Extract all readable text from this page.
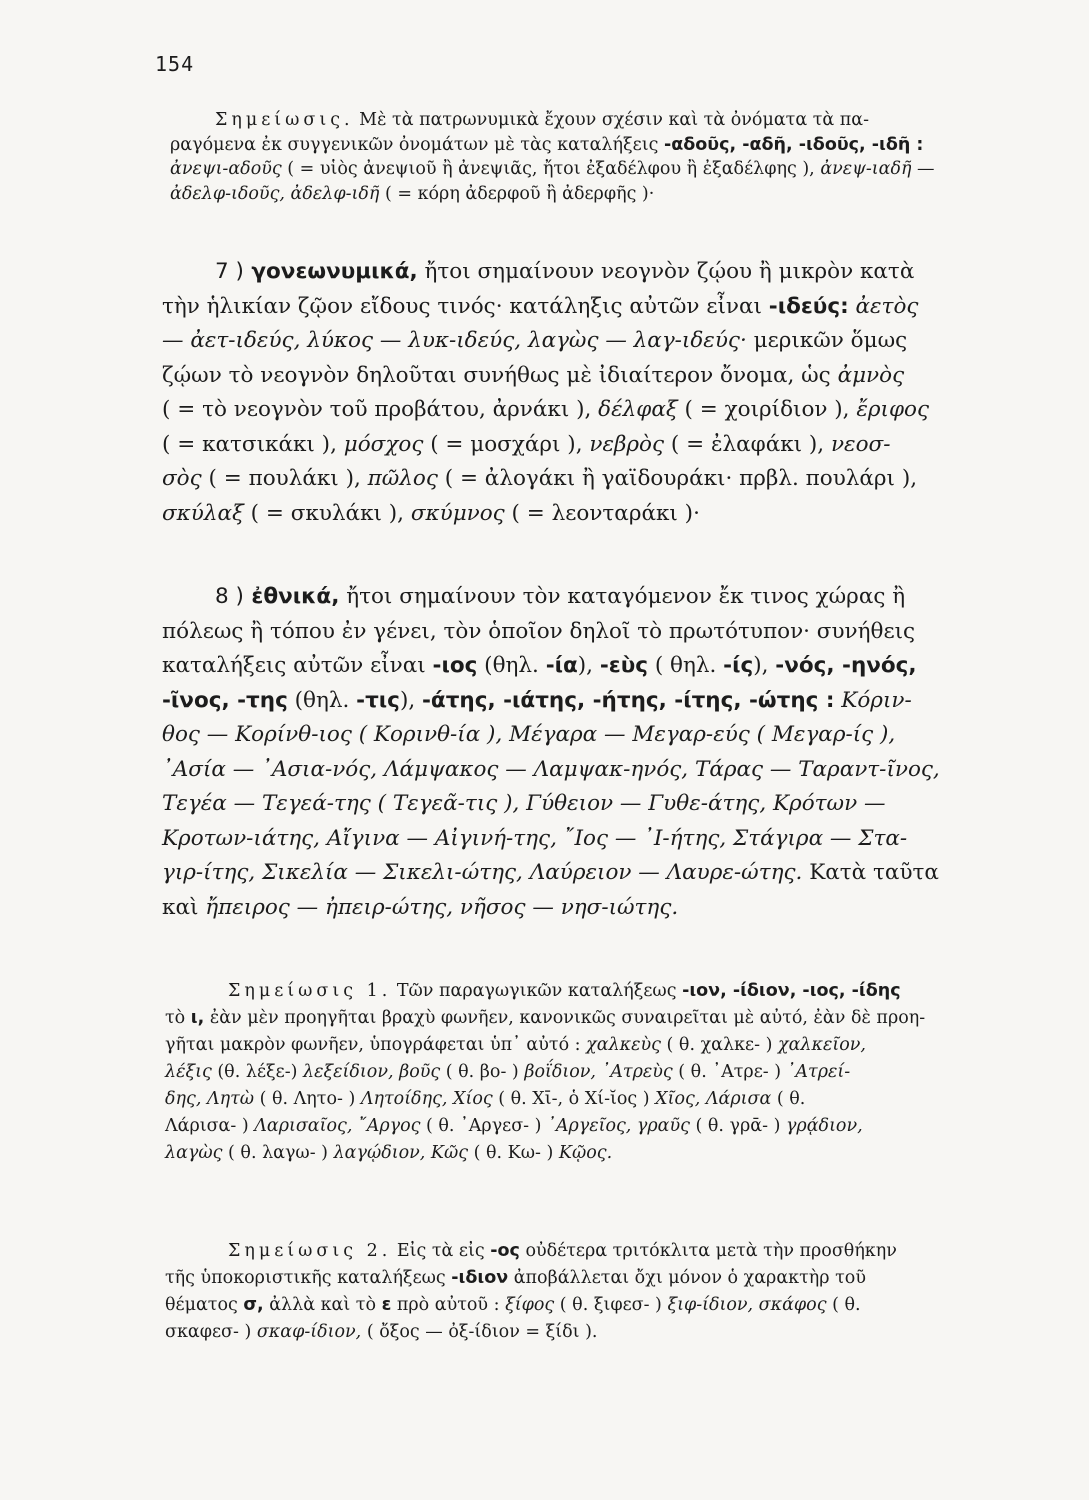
154
Σημείωσις. Μὲ τὰ πατρωνυμικὰ ἔχουν σχέσιν καὶ τὰ ὀνόματα τὰ πα-
ραγόμενα ἐκ συγγενικῶν ὀνομάτων μὲ τὰς καταλήξεις -αδοῦς, -αδῆ, -ιδοῦς, -ιδῆ :
ἀνεψι-αδοῦς ( = υἱὸς ἀνεψιοῦ ἢ ἀνεψιᾶς, ἤτοι ἐξαδέλφου ἢ ἐξαδέλφης ), ἀνεψ-ιαδῆ —
ἀδελφ-ιδοῦς, ἀδελφ-ιδῆ ( = κόρη ἀδερφοῦ ἢ ἀδερφῆς )·
7 ) γονεωνυμικά, ἤτοι σημαίνουν νεογνὸν ζῴου ἢ μικρὸν κατὰ
τὴν ἡλικίαν ζῷον εἴδους τινός· κατάληξις αὐτῶν εἶναι -ιδεύς: ἀετὸς
— ἀετ-ιδεύς, λύκος — λυκ-ιδεύς, λαγὼς — λαγ-ιδεύς· μερικῶν ὅμως
ζῴων τὸ νεογνὸν δηλοῦται συνήθως μὲ ἰδιαίτερον ὄνομα, ὡς ἀμνὸς
( = τὸ νεογνὸν τοῦ προβάτου, ἀρνάκι ), δέλφαξ ( = χοιρίδιον ), ἔριφος
( = κατσικάκι ), μόσχος ( = μοσχάρι ), νεβρὸς ( = ἐλαφάκι ), νεοσ-
σὸς ( = πουλάκι ), πῶλος ( = ἀλογάκι ἢ γαϊδουράκι· πρβλ. πουλάρι ),
σκύλαξ ( = σκυλάκι ), σκύμνος ( = λεονταράκι )·
8 ) ἐθνικά, ἤτοι σημαίνουν τὸν καταγόμενον ἔκ τινος χώρας ἢ
πόλεως ἢ τόπου ἐν γένει, τὸν ὁποῖον δηλοῖ τὸ πρωτότυπον· συνήθεις
καταλήξεις αὐτῶν εἶναι -ιος (θηλ. -ία), -εὺς ( θηλ. -ίς), -νός, -ηνός,
-ῖνος, -της (θηλ. -τις), -άτης, -ιάτης, -ήτης, -ίτης, -ώτης : Κόριν-
θος — Κορίνθ-ιος ( Κορινθ-ία ), Μέγαρα — Μεγαρ-εύς ( Μεγαρ-ίς ),
᾿Ασία — ᾿Ασια-νός, Λάμψακος — Λαμψακ-ηνός, Τάρας — Ταραντ-ῖνος,
Τεγέα — Τεγεά-της ( Τεγεᾶ-τις ), Γύθειον — Γυθε-άτης, Κρότων —
Κροτων-ιάτης, Αἴγινα — Αἰγινή-της, ῎Ιος — ᾿Ι-ήτης, Στάγιρα — Στα-
γιρ-ίτης, Σικελία — Σικελι-ώτης, Λαύρειον — Λαυρε-ώτης. Κατὰ ταῦτα
καὶ ἤπειρος — ἠπειρ-ώτης, νῆσος — νησ-ιώτης.
Σημείωσις 1. Τῶν παραγωγικῶν καταλήξεως -ιον, -ίδιον, -ιος, -ίδης
τὸ ι, ἐὰν μὲν προηγῆται βραχὺ φωνῆεν, κανονικῶς συναιρεῖται μὲ αὐτό, ἐὰν δὲ προη-
γῆται μακρὸν φωνῆεν, ὑπογράφεται ὑπ᾿ αὐτό : χαλκεὺς ( θ. χαλκε- ) χαλκεῖον,
λέξις (θ. λέξε-) λεξείδιον, βοῦς ( θ. βο- ) βοΐδιον, ᾿Ατρεὺς ( θ. ᾿Ατρε- ) ᾿Ατρεί-
δης, Λητὼ ( θ. Λητο- ) Λητοίδης, Χίος ( θ. Χῑ-, ὁ Χί-ῐος ) Χῖος, Λάρισα ( θ.
Λάρισα- ) Λαρισαῖος, ῎Αργος ( θ. ᾿Αργεσ- ) ᾿Αργεῖος, γραῦς ( θ. γρᾱ- ) γρᾴδιον,
λαγὼς ( θ. λαγω- ) λαγῴδιον, Κῶς ( θ. Κω- ) Κῷος.
Σημείωσις 2. Εἰς τὰ εἰς -ος οὐδέτερα τριτόκλιτα μετὰ τὴν προσθήκην
τῆς ὑποκοριστικῆς καταλήξεως -ιδιον ἀποβάλλεται ὄχι μόνον ὁ χαρακτὴρ τοῦ
θέματος σ, ἀλλὰ καὶ τὸ ε πρὸ αὐτοῦ : ξίφος ( θ. ξιφεσ- ) ξιφ-ίδιον, σκάφος ( θ.
σκαφεσ- ) σκαφ-ίδιον, ( ὄξος — ὀξ-ίδιον = ξίδι ).
